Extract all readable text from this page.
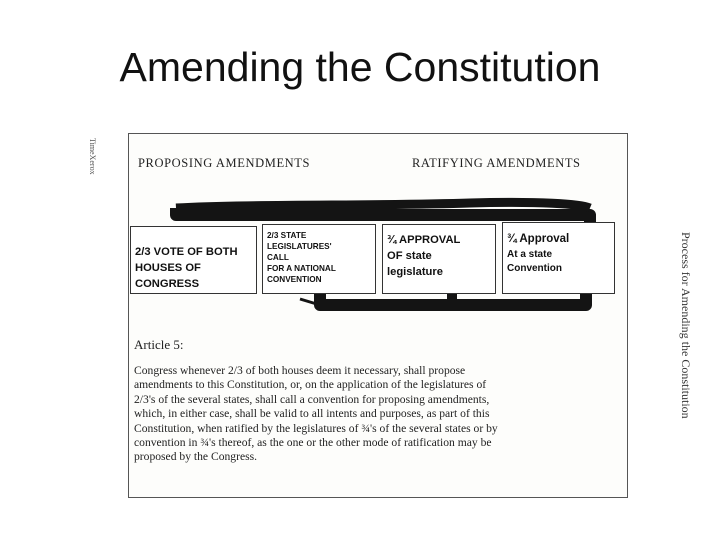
Amending the Constitution
TimeXerox	PROPOSING AMENDMENTS	RATIFYING AMENDMENTS
2/3 VOTE OF BOTH
HOUSES OF
CONGRESS
2/3 STATE
LEGISLATURES'
CALL
FOR A NATIONAL
CONVENTION
¾ APPROVAL
OF state
legislature
¾ Approval
At a state
Convention

Article 5:

Congress whenever 2/3 of both houses deem it necessary, shall propose
amendments to this Constitution, or, on the application of the legislatures of
2/3's of the several states, shall call a convention for proposing amendments,
which, in either case, shall be valid to all intents and purposes, as part of this
Constitution, when ratified by the legislatures of ¾'s of the several states or by
convention in ¾'s thereof, as the one or the other mode of ratification may be
proposed by the Congress.

Process for Amending the Constitution
